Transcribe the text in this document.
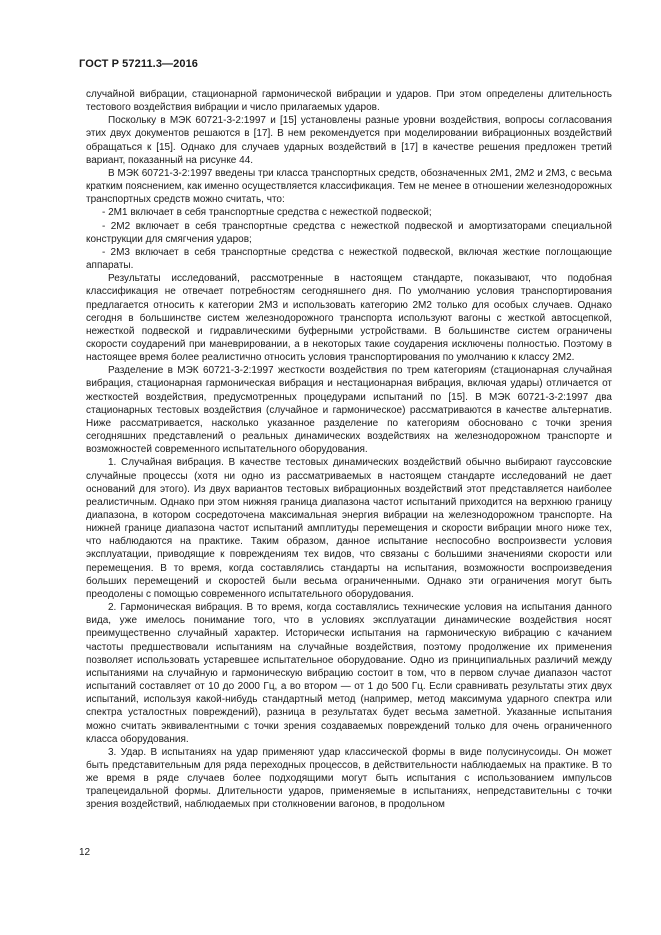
ГОСТ Р 57211.3—2016

случайной вибрации, стационарной гармонической вибрации и ударов. При этом определены длительность тестового воздействия вибрации и число прилагаемых ударов.

Поскольку в МЭК 60721-3-2:1997 и [15] установлены разные уровни воздействия, вопросы согласования этих двух документов решаются в [17]. В нем рекомендуется при моделировании вибрационных воздействий обращаться к [15]. Однако для случаев ударных воздействий в [17] в качестве решения предложен третий вариант, показанный на рисунке 44.

В МЭК 60721-3-2:1997 введены три класса транспортных средств, обозначенных 2М1, 2М2 и 2М3, с весьма кратким пояснением, как именно осуществляется классификация. Тем не менее в отношении железнодорожных транспортных средств можно считать, что:

- 2М1 включает в себя транспортные средства с нежесткой подвеской;

- 2М2 включает в себя транспортные средства с нежесткой подвеской и амортизаторами специальной конструкции для смягчения ударов;

- 2М3 включает в себя транспортные средства с нежесткой подвеской, включая жесткие поглощающие аппараты.

Результаты исследований, рассмотренные в настоящем стандарте, показывают, что подобная классификация не отвечает потребностям сегодняшнего дня. По умолчанию условия транспортирования предлагается относить к категории 2М3 и использовать категорию 2М2 только для особых случаев. Однако сегодня в большинстве систем железнодорожного транспорта используют вагоны с жесткой автосцепкой, нежесткой подвеской и гидравлическими буферными устройствами. В большинстве систем ограничены скорости соударений при маневрировании, а в некоторых такие соударения исключены полностью. Поэтому в настоящее время более реалистично относить условия транспортирования по умолчанию к классу 2М2.

Разделение в МЭК 60721-3-2:1997 жесткости воздействия по трем категориям (стационарная случайная вибрация, стационарная гармоническая вибрация и нестационарная вибрация, включая удары) отличается от жесткостей воздействия, предусмотренных процедурами испытаний по [15]. В МЭК 60721-3-2:1997 два стационарных тестовых воздействия (случайное и гармоническое) рассматриваются в качестве альтернатив. Ниже рассматривается, насколько указанное разделение по категориям обосновано с точки зрения сегодняшних представлений о реальных динамических воздействиях на железнодорожном транспорте и возможностей современного испытательного оборудования.

1. Случайная вибрация. В качестве тестовых динамических воздействий обычно выбирают гауссовские случайные процессы (хотя ни одно из рассматриваемых в настоящем стандарте исследований не дает оснований для этого). Из двух вариантов тестовых вибрационных воздействий этот представляется наиболее реалистичным. Однако при этом нижняя граница диапазона частот испытаний приходится на верхнюю границу диапазона, в котором сосредоточена максимальная энергия вибрации на железнодорожном транспорте. На нижней границе диапазона частот испытаний амплитуды перемещения и скорости вибрации много ниже тех, что наблюдаются на практике. Таким образом, данное испытание неспособно воспроизвести условия эксплуатации, приводящие к повреждениям тех видов, что связаны с большими значениями скорости или перемещения. В то время, когда составлялись стандарты на испытания, возможности воспроизведения больших перемещений и скоростей были весьма ограниченными. Однако эти ограничения могут быть преодолены с помощью современного испытательного оборудования.

2. Гармоническая вибрация. В то время, когда составлялись технические условия на испытания данного вида, уже имелось понимание того, что в условиях эксплуатации динамические воздействия носят преимущественно случайный характер. Исторически испытания на гармоническую вибрацию с качанием частоты предшествовали испытаниям на случайные воздействия, поэтому продолжение их применения позволяет использовать устаревшее испытательное оборудование. Одно из принципиальных различий между испытаниями на случайную и гармоническую вибрацию состоит в том, что в первом случае диапазон частот испытаний составляет от 10 до 2000 Гц, а во втором — от 1 до 500 Гц. Если сравнивать результаты этих двух испытаний, используя какой-нибудь стандартный метод (например, метод максимума ударного спектра или спектра усталостных повреждений), разница в результатах будет весьма заметной. Указанные испытания можно считать эквивалентными с точки зрения создаваемых повреждений только для очень ограниченного класса оборудования.

3. Удар. В испытаниях на удар применяют удар классической формы в виде полусинусоиды. Он может быть представительным для ряда переходных процессов, в действительности наблюдаемых на практике. В то же время в ряде случаев более подходящими могут быть испытания с использованием импульсов трапецеидальной формы. Длительности ударов, применяемые в испытаниях, непредставительны с точки зрения воздействий, наблюдаемых при столкновении вагонов, в продольном

12
